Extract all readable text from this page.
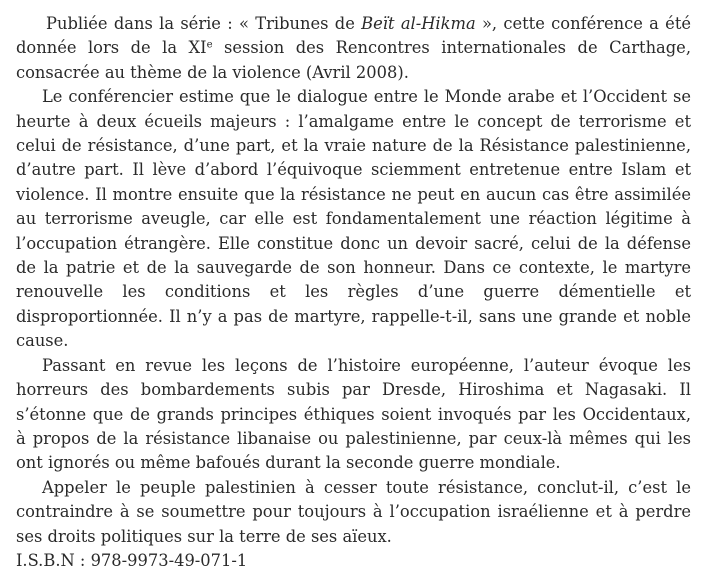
Publiée dans la série : « Tribunes de Beït al-Hikma », cette conférence a été donnée lors de la XIe session des Rencontres internationales de Carthage, consacrée au thème de la violence (Avril 2008).

Le conférencier estime que le dialogue entre le Monde arabe et l’Occident se heurte à deux écueils majeurs : l’amalgame entre le concept de terrorisme et celui de résistance, d’une part, et la vraie nature de la Résistance palestinienne, d’autre part. Il lève d’abord l’équivoque sciemment entretenue entre Islam et violence. Il montre ensuite que la résistance ne peut en aucun cas être assimilée au terrorisme aveugle, car elle est fondamentalement une réaction légitime à l’occupation étrangère. Elle constitue donc un devoir sacré, celui de la défense de la patrie et de la sauvegarde de son honneur. Dans ce contexte, le martyre renouvelle les conditions et les règles d’une guerre démentielle et disproportionnée. Il n’y a pas de martyre, rappelle-t-il, sans une grande et noble cause.

Passant en revue les leçons de l’histoire européenne, l’auteur évoque les horreurs des bombardements subis par Dresde, Hiroshima et Nagasaki. Il s’étonne que de grands principes éthiques soient invoqués par les Occidentaux, à propos de la résistance libanaise ou palestinienne, par ceux-là mêmes qui les ont ignorés ou même bafoués durant la seconde guerre mondiale.

Appeler le peuple palestinien à cesser toute résistance, conclut-il, c’est le contraindre à se soumettre pour toujours à l’occupation israélienne et à perdre ses droits politiques sur la terre de ses aïeux.

I.S.B.N : 978-9973-49-071-1
